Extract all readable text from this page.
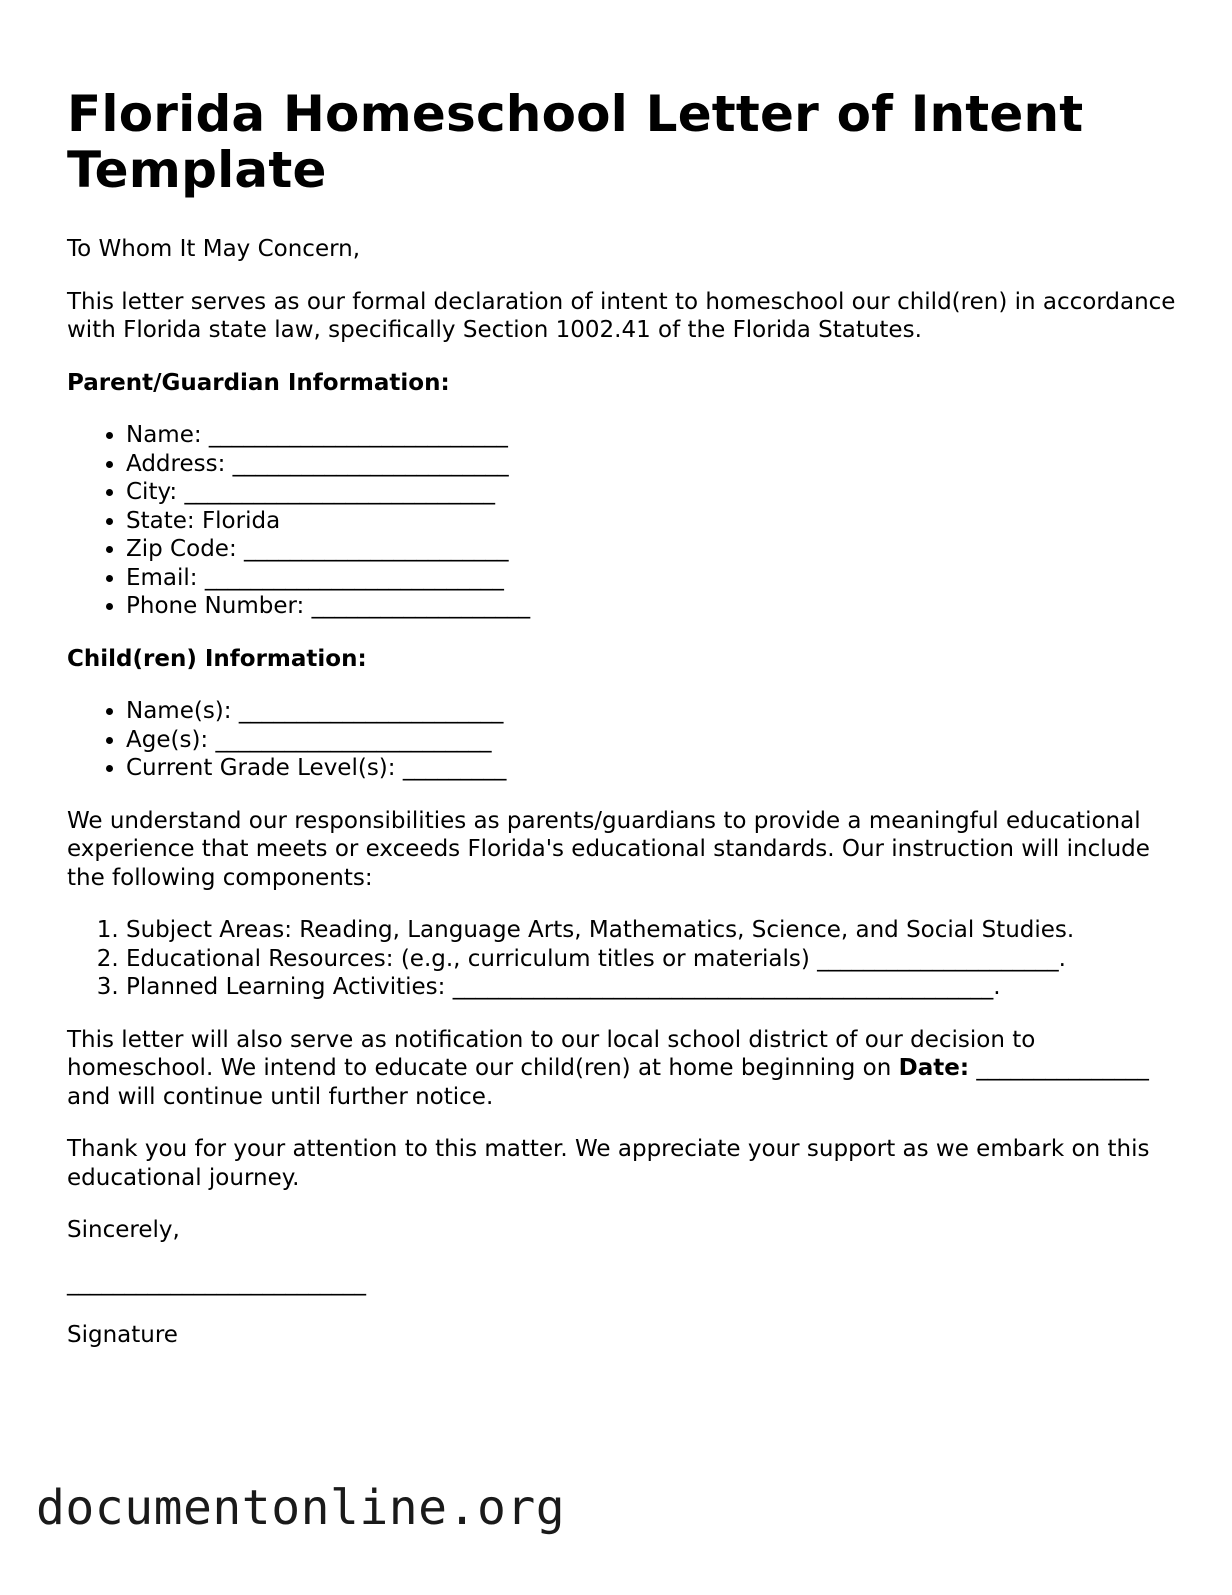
Florida Homeschool Letter of Intent Template

To Whom It May Concern,

This letter serves as our formal declaration of intent to homeschool our child(ren) in accordance with Florida state law, specifically Section 1002.41 of the Florida Statutes.

Parent/Guardian Information:

• Name: __________________________
• Address: ________________________
• City: ___________________________
• State: Florida
• Zip Code: _______________________
• Email: __________________________
• Phone Number: ___________________

Child(ren) Information:

• Name(s): _______________________
• Age(s): ________________________
• Current Grade Level(s): _________

We understand our responsibilities as parents/guardians to provide a meaningful educational experience that meets or exceeds Florida's educational standards. Our instruction will include the following components:

1. Subject Areas: Reading, Language Arts, Mathematics, Science, and Social Studies.
2. Educational Resources: (e.g., curriculum titles or materials) _____________________.
3. Planned Learning Activities: _______________________________________________.

This letter will also serve as notification to our local school district of our decision to homeschool. We intend to educate our child(ren) at home beginning on Date: _______________ and will continue until further notice.

Thank you for your attention to this matter. We appreciate your support as we embark on this educational journey.

Sincerely,

__________________________

Signature

documentonline.org
